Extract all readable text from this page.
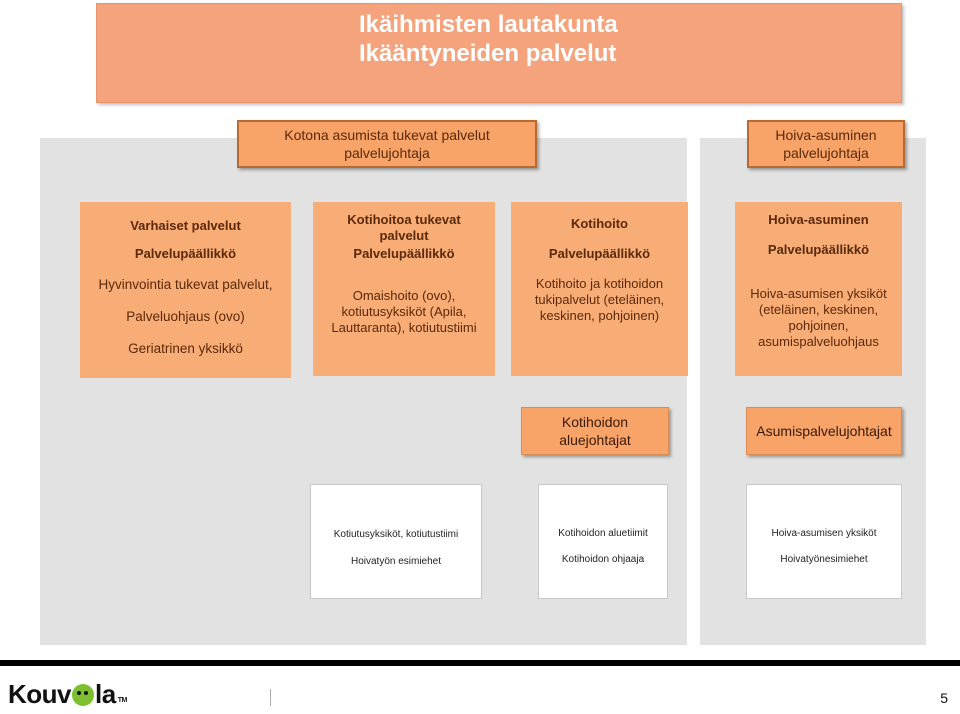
Ikäihmisten lautakunta
Ikääntyneiden palvelut
Kotona asumista tukevat palvelut
palvelujohtaja
Hoiva-asuminen
palvelujohtaja

Varhaiset palvelut

Palvelupäällikkö

Hyvinvointia tukevat palvelut,

Palveluohjaus (ovo)

Geriatrinen yksikkö

Kotihoitoa tukevat

palvelut

Palvelupäällikkö

Omaishoito (ovo),

kotiutusyksiköt (Apila,

Lauttaranta), kotiutustiimi

Kotihoito

Palvelupäällikkö

Kotihoito ja kotihoidon

tukipalvelut (eteläinen,

keskinen, pohjoinen)

Hoiva-asuminen

Palvelupäällikkö

Hoiva-asumisen yksiköt

(eteläinen, keskinen,

pohjoinen,

asumispalveluohjaus

Kotihoidon
aluejohtajat
Asumispalvelujohtajat
Kotiutusyksiköt, kotiutustiimi
Hoivatyön esimiehet
Kotihoidon aluetiimit
Kotihoidon ohjaaja
Hoiva-asumisen yksiköt
Hoivatyönesimiehet
Kouv la TM	5
